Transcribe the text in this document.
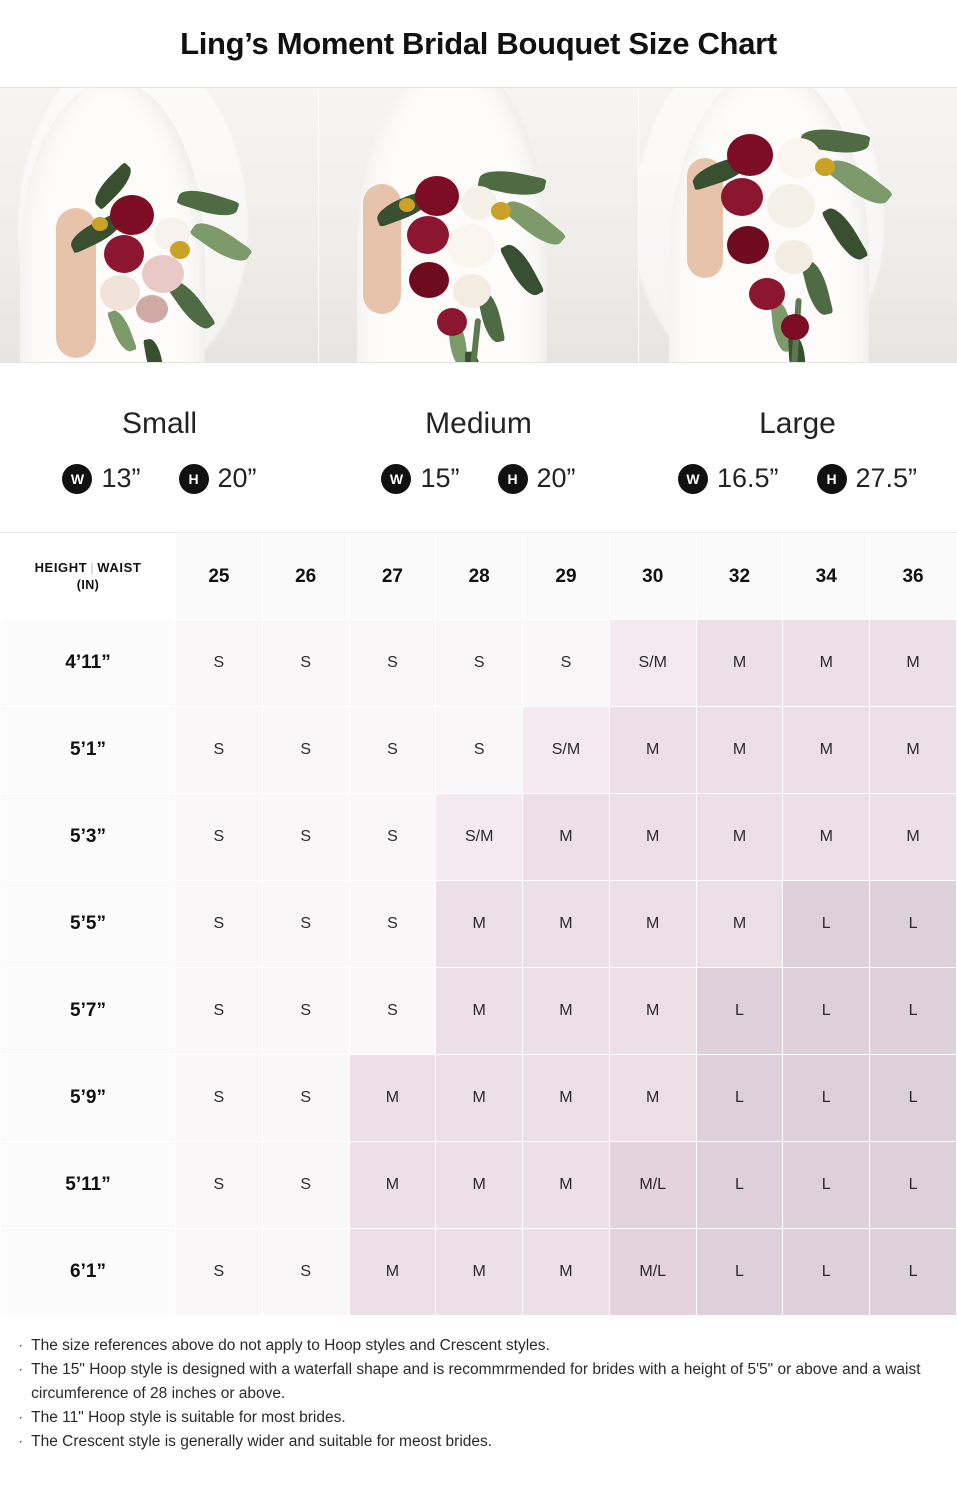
Ling’s Moment Bridal Bouquet Size Chart
Small
W 13”	H 20”
Medium
W 15”	H 20”
Large
W 16.5”	H 27.5”
HEIGHT | WAIST
(IN)	25	26	27	28	29	30	32	34	36
4’11”	S	S	S	S	S	S/M	M	M	M
5’1”	S	S	S	S	S/M	M	M	M	M
5’3”	S	S	S	S/M	M	M	M	M	M
5’5”	S	S	S	M	M	M	M	L	L
5’7”	S	S	S	M	M	M	L	L	L
5’9”	S	S	M	M	M	M	L	L	L
5’11”	S	S	M	M	M	M/L	L	L	L
6’1”	S	S	M	M	M	M/L	L	L	L
· The size references above do not apply to Hoop styles and Crescent styles.
· The 15" Hoop style is designed with a waterfall shape and is recommrmended for brides with a height of 5'5" or above and a waist circumference of 28 inches or above.
· The 11" Hoop style is suitable for most brides.
· The Crescent style is generally wider and suitable for meost brides.
